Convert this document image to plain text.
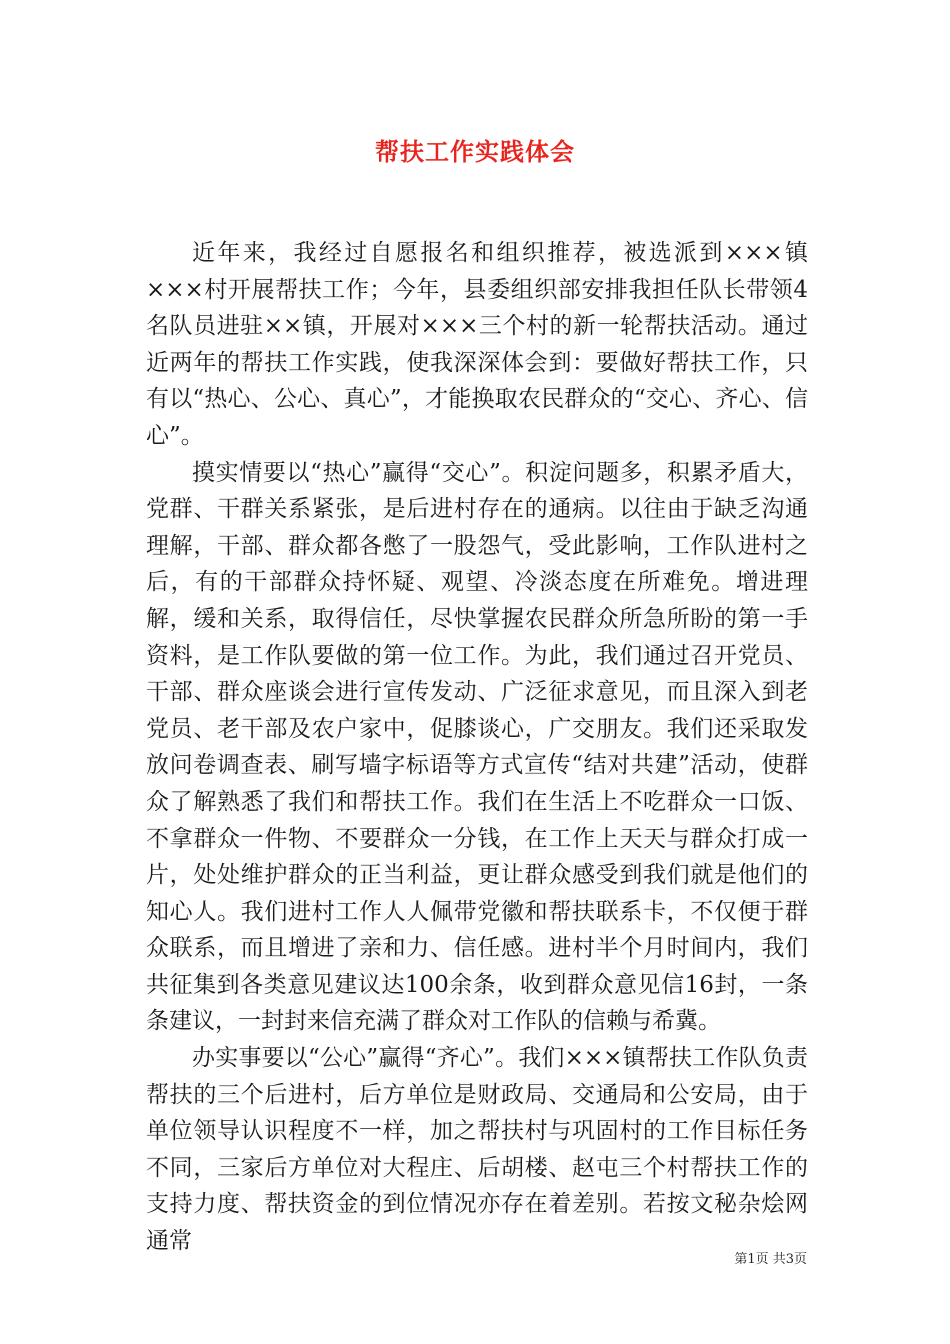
帮扶工作实践体会

近年来，我经过自愿报名和组织推荐，被选派到×××镇×××村开展帮扶工作；今年，县委组织部安排我担任队长带领4名队员进驻××镇，开展对×××三个村的新一轮帮扶活动。通过近两年的帮扶工作实践，使我深深体会到：要做好帮扶工作，只有以“热心、公心、真心”，才能换取农民群众的“交心、齐心、信心”。

摸实情要以“热心”赢得“交心”。积淀问题多，积累矛盾大，党群、干群关系紧张，是后进村存在的通病。以往由于缺乏沟通理解，干部、群众都各憋了一股怨气，受此影响，工作队进村之后，有的干部群众持怀疑、观望、冷淡态度在所难免。增进理解，缓和关系，取得信任，尽快掌握农民群众所急所盼的第一手资料，是工作队要做的第一位工作。为此，我们通过召开党员、干部、群众座谈会进行宣传发动、广泛征求意见，而且深入到老党员、老干部及农户家中，促膝谈心，广交朋友。我们还采取发放问卷调查表、刷写墙字标语等方式宣传“结对共建”活动，使群众了解熟悉了我们和帮扶工作。我们在生活上不吃群众一口饭、不拿群众一件物、不要群众一分钱，在工作上天天与群众打成一片，处处维护群众的正当利益，更让群众感受到我们就是他们的知心人。我们进村工作人人佩带党徽和帮扶联系卡，不仅便于群众联系，而且增进了亲和力、信任感。进村半个月时间内，我们共征集到各类意见建议达100余条，收到群众意见信16封，一条条建议，一封封来信充满了群众对工作队的信赖与希冀。

办实事要以“公心”赢得“齐心”。我们×××镇帮扶工作队负责帮扶的三个后进村，后方单位是财政局、交通局和公安局，由于单位领导认识程度不一样，加之帮扶村与巩固村的工作目标任务不同，三家后方单位对大程庄、后胡楼、赵屯三个村帮扶工作的支持力度、帮扶资金的到位情况亦存在着差别。若按文秘杂烩网通常

第1页 共3页
